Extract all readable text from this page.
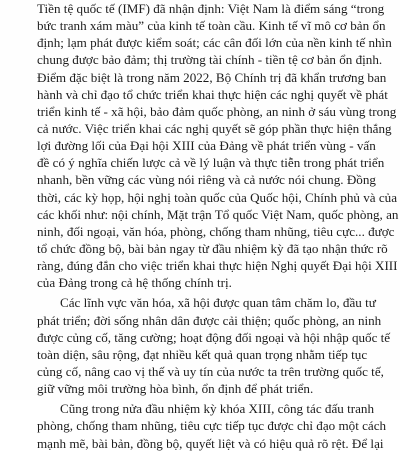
Tiền tệ quốc tế (IMF) đã nhận định: Việt Nam là điểm sáng “trong
bức tranh xám màu” của kinh tế toàn cầu. Kinh tế vĩ mô cơ bản ổn
định; lạm phát được kiểm soát; các cân đối lớn của nền kinh tế nhìn
chung được bảo đảm; thị trường tài chính - tiền tệ cơ bản ổn định.
Điểm đặc biệt là trong năm 2022, Bộ Chính trị đã khẩn trương ban
hành và chỉ đạo tổ chức triển khai thực hiện các nghị quyết về phát
triển kinh tế - xã hội, bảo đảm quốc phòng, an ninh ở sáu vùng trong
cả nước. Việc triển khai các nghị quyết sẽ góp phần thực hiện thắng
lợi đường lối của Đại hội XIII của Đảng về phát triển vùng - vấn
đề có ý nghĩa chiến lược cả về lý luận và thực tiễn trong phát triển
nhanh, bền vững các vùng nói riêng và cả nước nói chung. Đồng
thời, các kỳ họp, hội nghị toàn quốc của Quốc hội, Chính phủ và của
các khối như: nội chính, Mặt trận Tổ quốc Việt Nam, quốc phòng, an
ninh, đối ngoại, văn hóa, phòng, chống tham nhũng, tiêu cực... được
tổ chức đồng bộ, bài bản ngay từ đầu nhiệm kỳ đã tạo nhận thức rõ
ràng, đúng đắn cho việc triển khai thực hiện Nghị quyết Đại hội XIII
của Đảng trong cả hệ thống chính trị.
Các lĩnh vực văn hóa, xã hội được quan tâm chăm lo, đầu tư
phát triển; đời sống nhân dân được cải thiện; quốc phòng, an ninh
được củng cố, tăng cường; hoạt động đối ngoại và hội nhập quốc tế
toàn diện, sâu rộng, đạt nhiều kết quả quan trọng nhằm tiếp tục
củng cố, nâng cao vị thế và uy tín của nước ta trên trường quốc tế,
giữ vững môi trường hòa bình, ổn định để phát triển.
Cũng trong nửa đầu nhiệm kỳ khóa XIII, công tác đấu tranh
phòng, chống tham nhũng, tiêu cực tiếp tục được chỉ đạo một cách
mạnh mẽ, bài bản, đồng bộ, quyết liệt và có hiệu quả rõ rệt. Để lại
